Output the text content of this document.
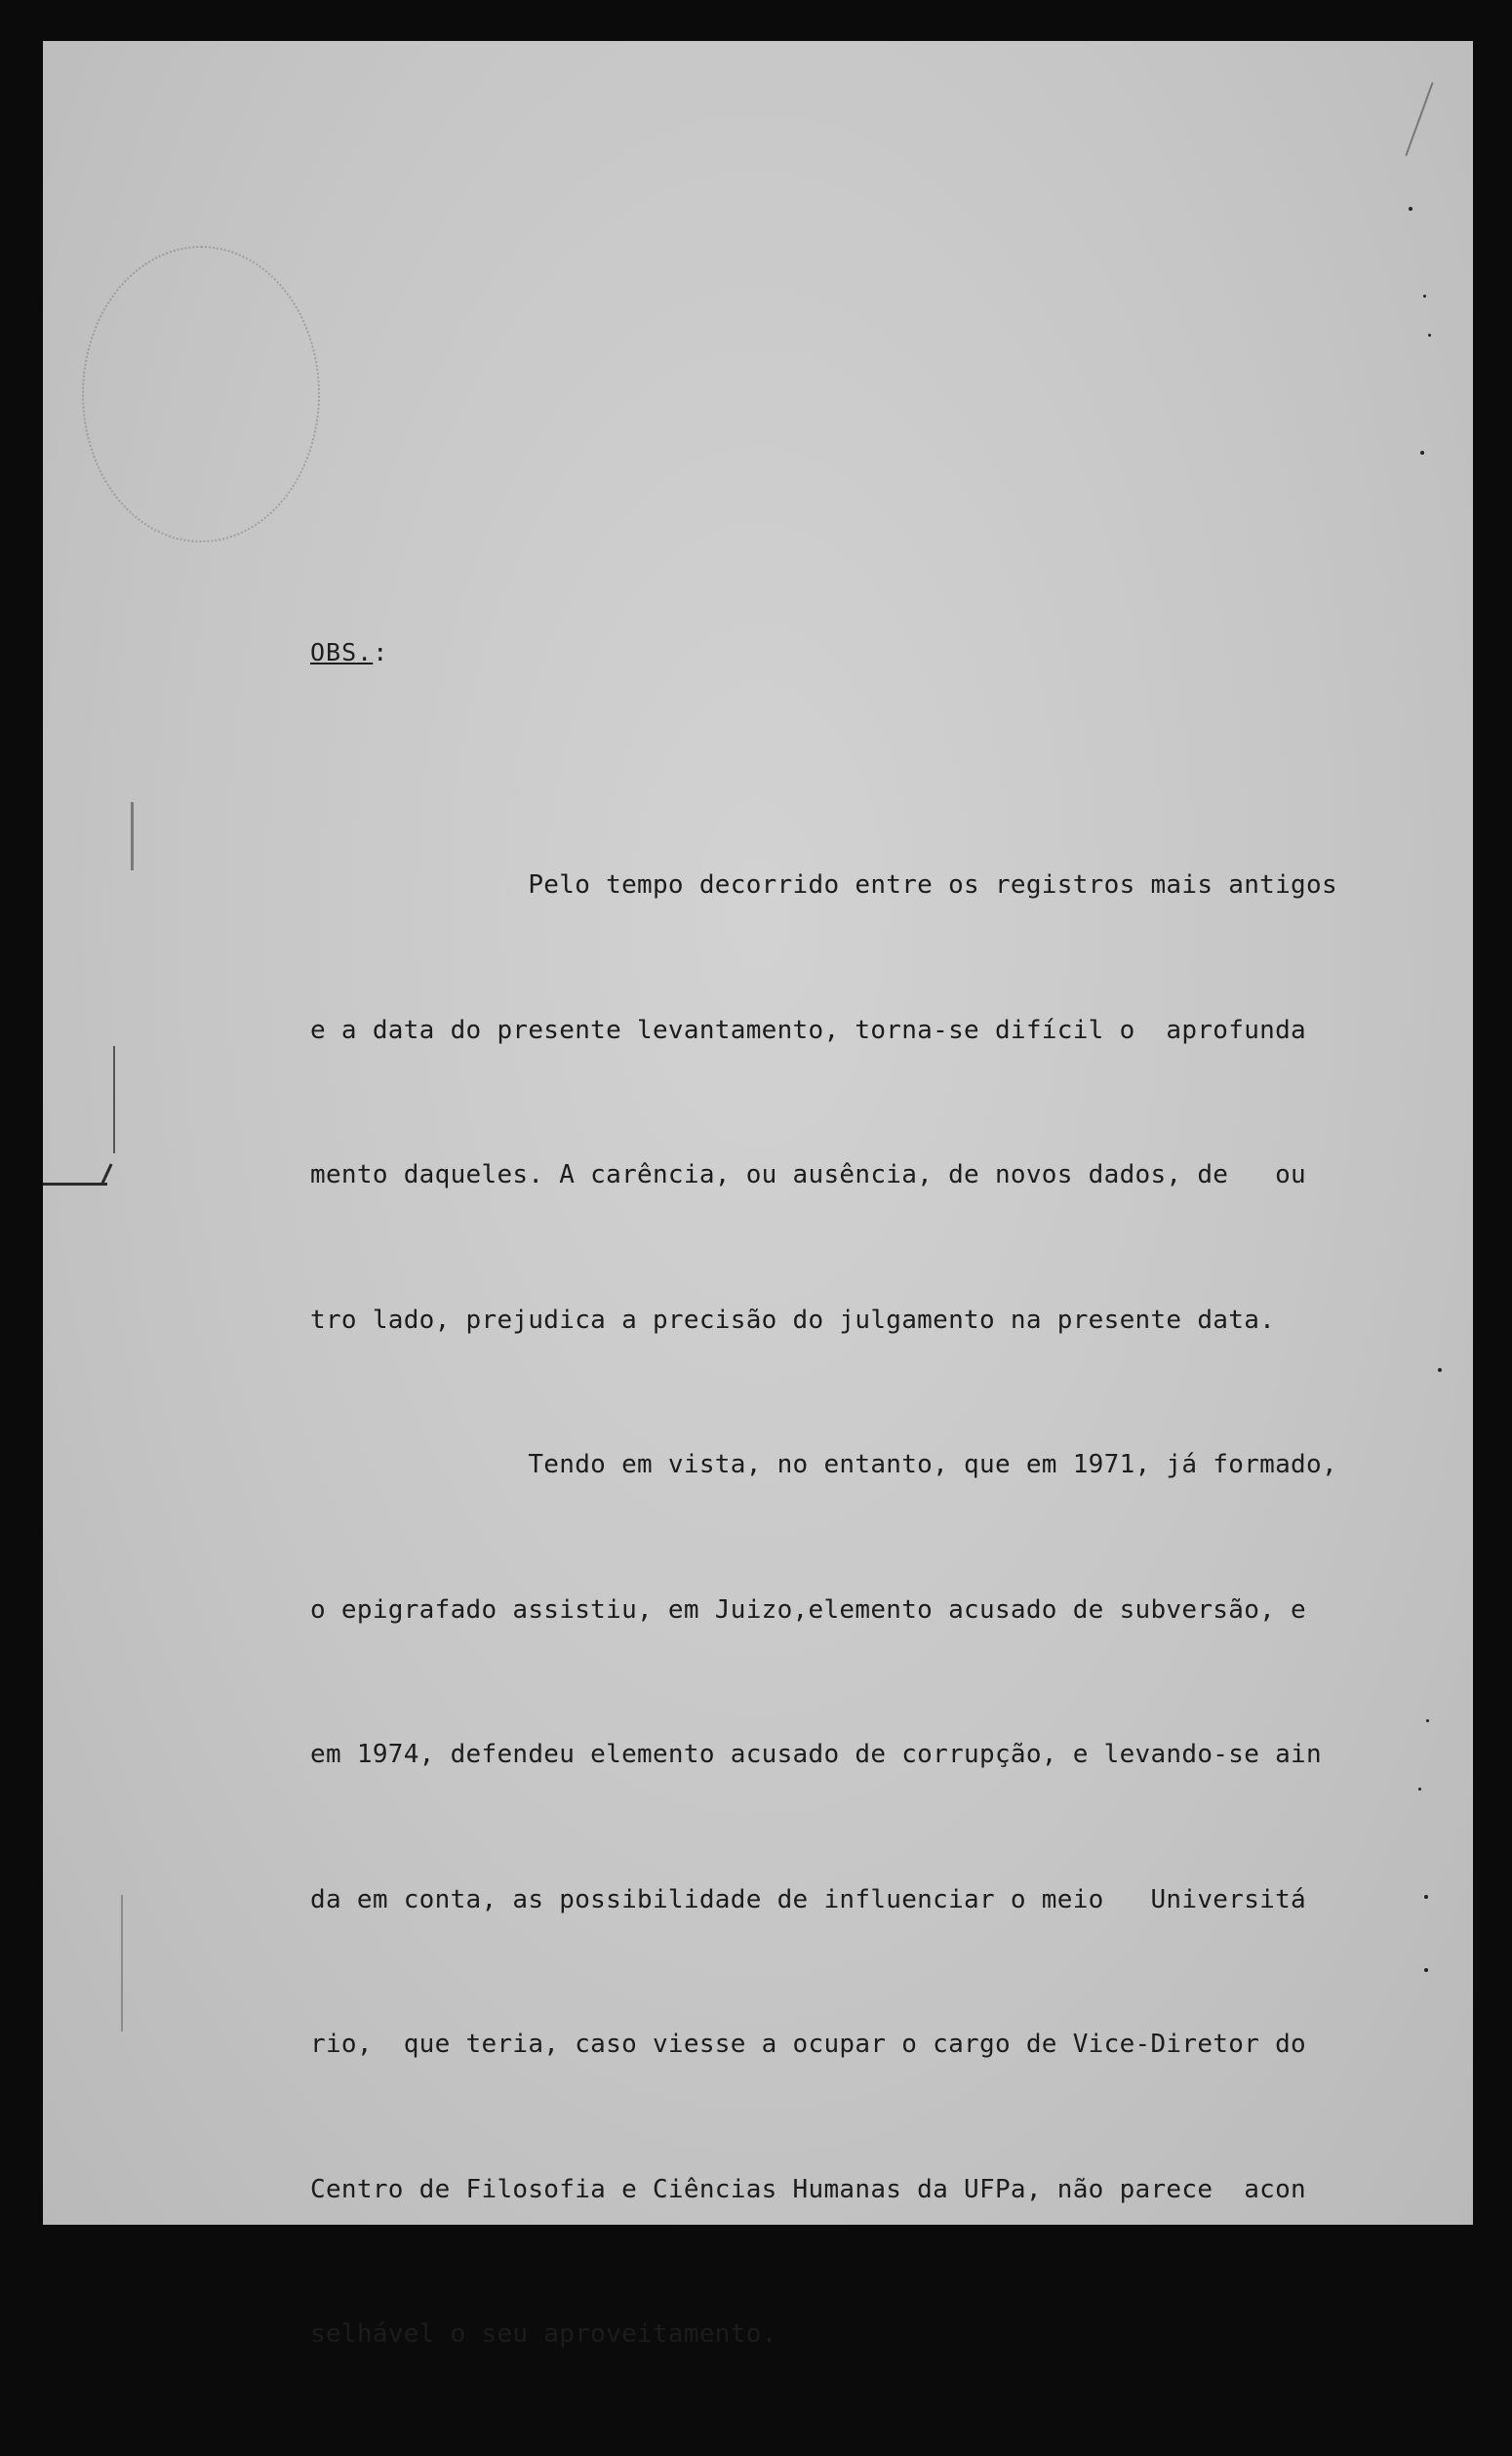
OBS.:

Pelo tempo decorrido entre os registros mais antigos

e a data do presente levantamento, torna-se difícil o  aprofunda

mento daqueles. A carência, ou ausência, de novos dados, de   ou

tro lado, prejudica a precisão do julgamento na presente data.

Tendo em vista, no entanto, que em 1971, já formado,

o epigrafado assistiu, em Juizo,elemento acusado de subversão, e

em 1974, defendeu elemento acusado de corrupção, e levando-se ain

da em conta, as possibilidade de influenciar o meio   Universitá

rio,  que teria, caso viesse a ocupar o cargo de Vice-Diretor do

Centro de Filosofia e Ciências Humanas da UFPa, não parece  acon

selhável o seu aproveitamento.
